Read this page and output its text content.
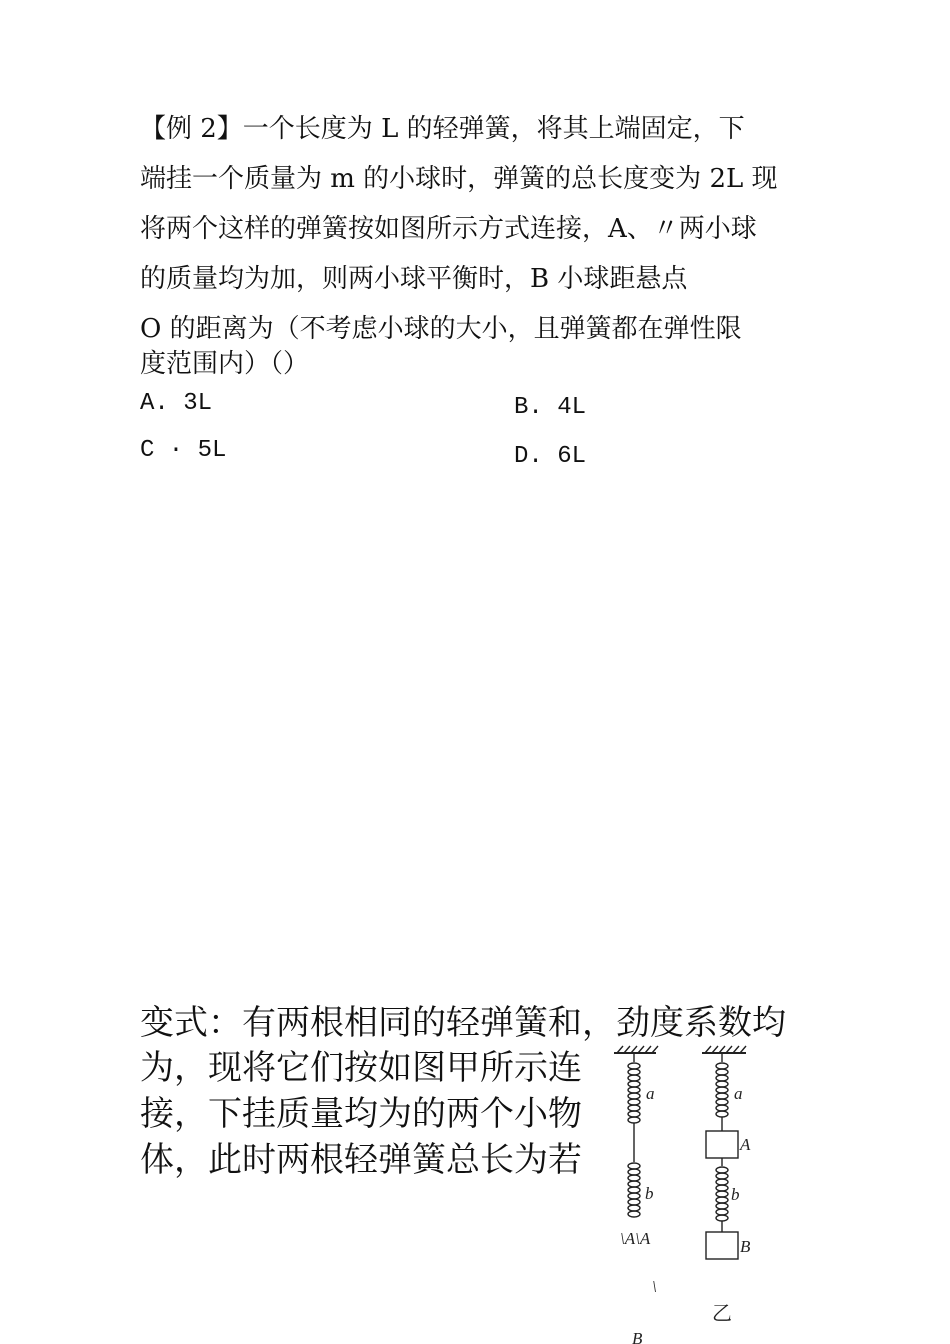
【例 2】一个长度为 L 的轻弹簧，将其上端固定，下
端挂一个质量为 m 的小球时，弹簧的总长度变为 2L 现
将两个这样的弹簧按如图所示方式连接，A、〃两小球
的质量均为加，则两小球平衡时，B 小球距悬点
O 的距离为（不考虑小球的大小，且弹簧都在弹性限
度范围内）（）
A. 3L	B. 4L
C · 5L	D. 6L
变式：有两根相同的轻弹簧和，劲度系数均
为，现将它们按如图甲所示连
接，下挂质量均为的两个小物
体，此时两根轻弹簧总长为若
a
b
\A\A
\
B
a
A
b
B
乙
